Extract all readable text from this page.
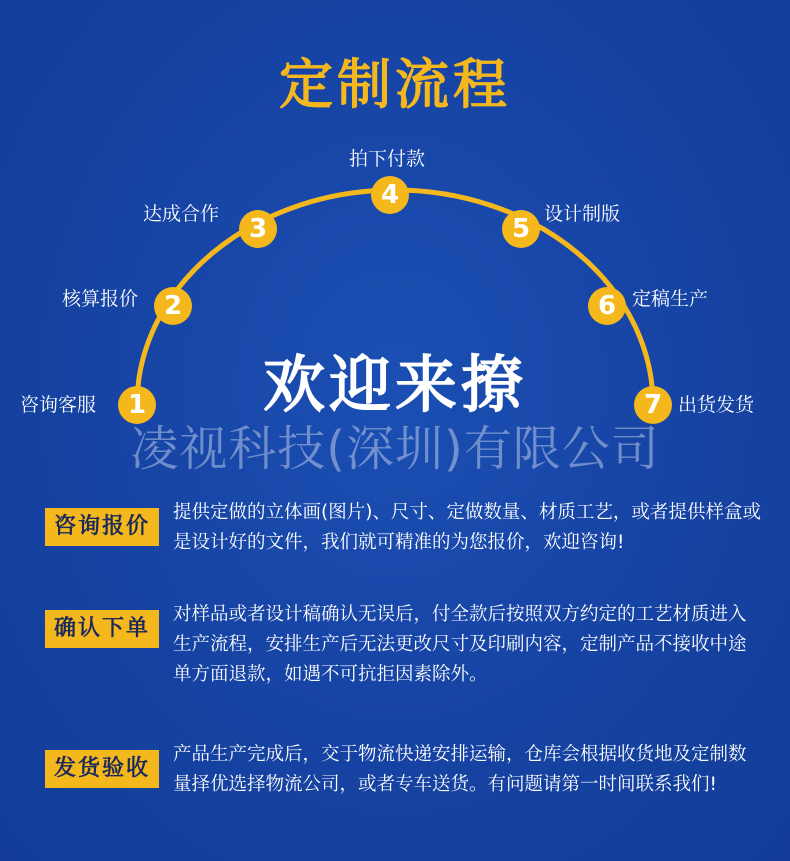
定制流程
1
咨询客服
2
核算报价
3
达成合作
4
拍下付款
5 设计制版
6 定稿生产
7 出货发货
欢迎来撩
凌视科技(深圳)有限公司
咨询报价
提供定做的立体画(图片)、尺寸、定做数量、材质工艺，或者提供样盒或是设计好的文件，我们就可精准的为您报价，欢迎咨询!
确认下单
对样品或者设计稿确认无误后，付全款后按照双方约定的工艺材质进入生产流程，安排生产后无法更改尺寸及印刷内容，定制产品不接收中途单方面退款，如遇不可抗拒因素除外。
发货验收
产品生产完成后，交于物流快递安排运输，仓库会根据收货地及定制数量择优选择物流公司，或者专车送货。有问题请第一时间联系我们!
